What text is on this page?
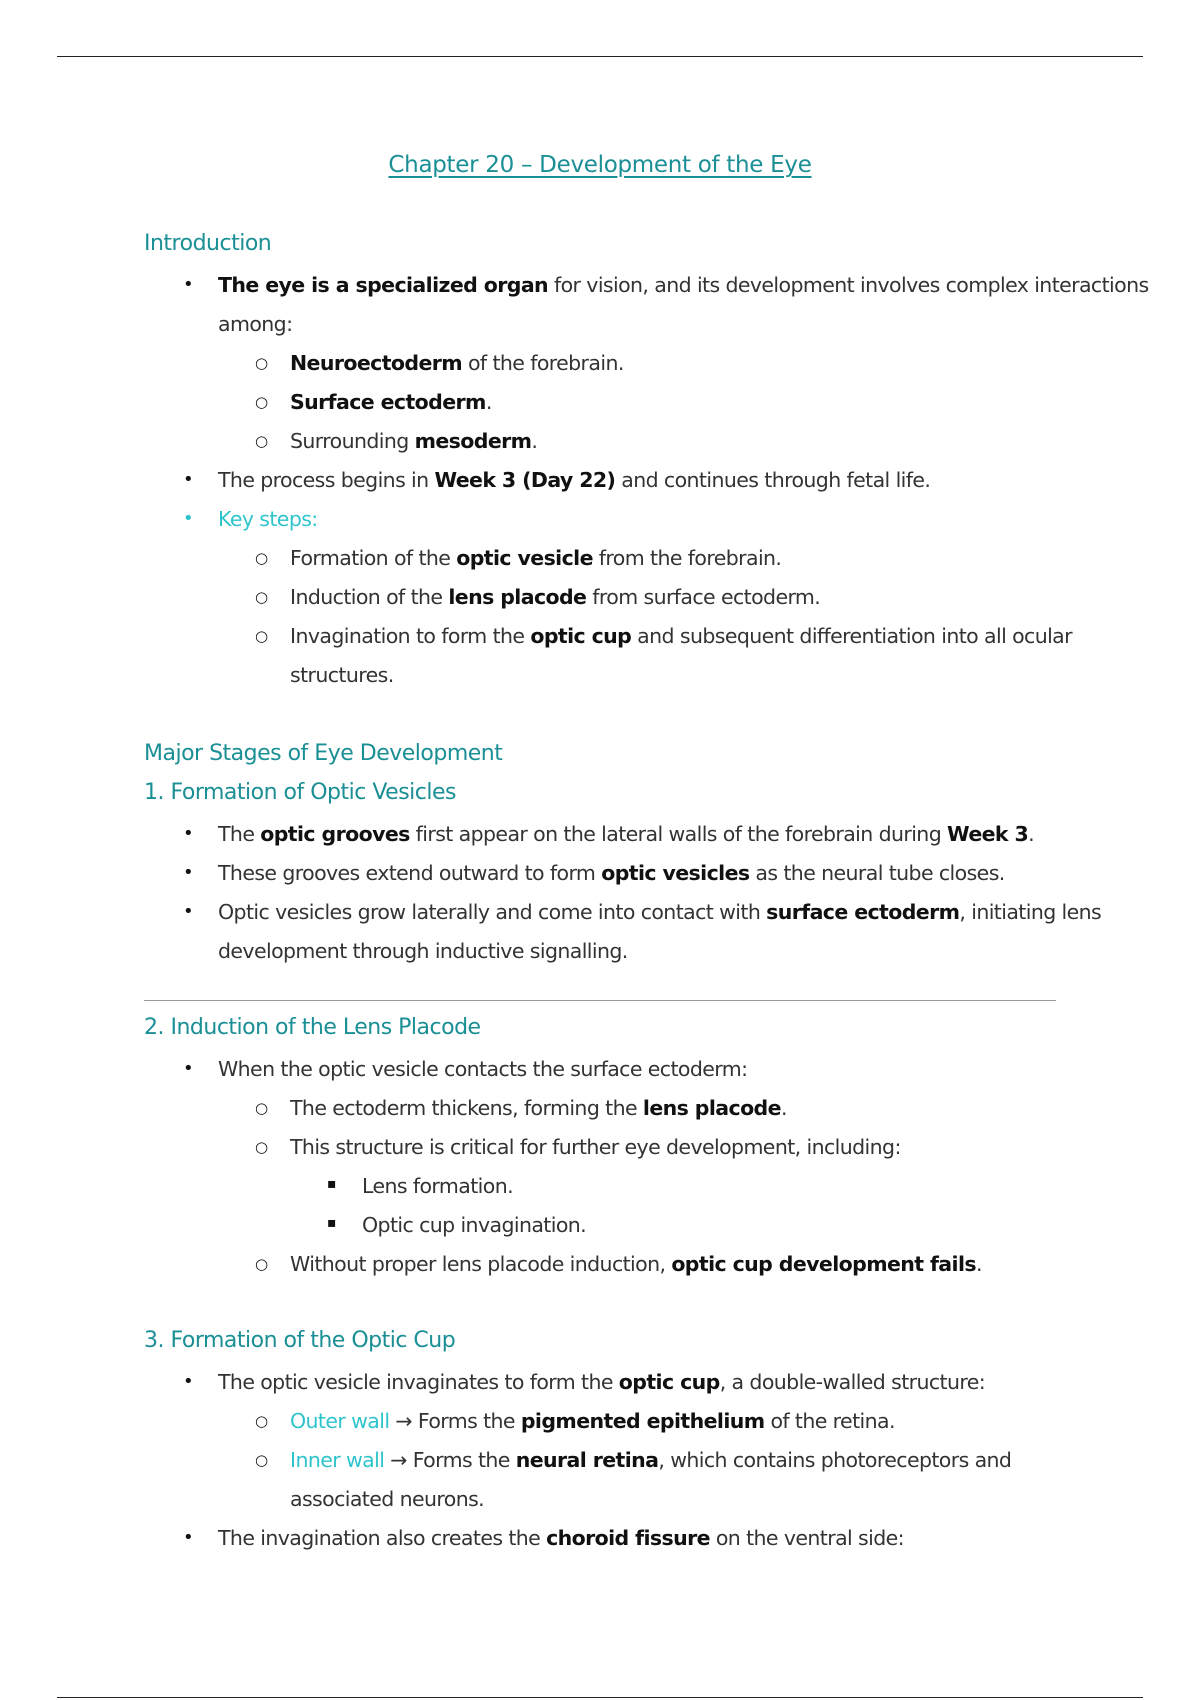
Chapter 20 – Development of the Eye
Introduction
• The eye is a specialized organ for vision, and its development involves complex interactions
among:
○ Neuroectoderm of the forebrain.
○ Surface ectoderm.
○ Surrounding mesoderm.
• The process begins in Week 3 (Day 22) and continues through fetal life.
• Key steps:
○ Formation of the optic vesicle from the forebrain.
○ Induction of the lens placode from surface ectoderm.
○ Invagination to form the optic cup and subsequent differentiation into all ocular
structures.
Major Stages of Eye Development
1. Formation of Optic Vesicles
• The optic grooves first appear on the lateral walls of the forebrain during Week 3.
• These grooves extend outward to form optic vesicles as the neural tube closes.
• Optic vesicles grow laterally and come into contact with surface ectoderm, initiating lens
development through inductive signalling.
2. Induction of the Lens Placode
• When the optic vesicle contacts the surface ectoderm:
○ The ectoderm thickens, forming the lens placode.
○ This structure is critical for further eye development, including:
▪ Lens formation.
▪ Optic cup invagination.
○ Without proper lens placode induction, optic cup development fails.
3. Formation of the Optic Cup
• The optic vesicle invaginates to form the optic cup, a double-walled structure:
○ Outer wall → Forms the pigmented epithelium of the retina.
○ Inner wall → Forms the neural retina, which contains photoreceptors and
associated neurons.
• The invagination also creates the choroid fissure on the ventral side:
